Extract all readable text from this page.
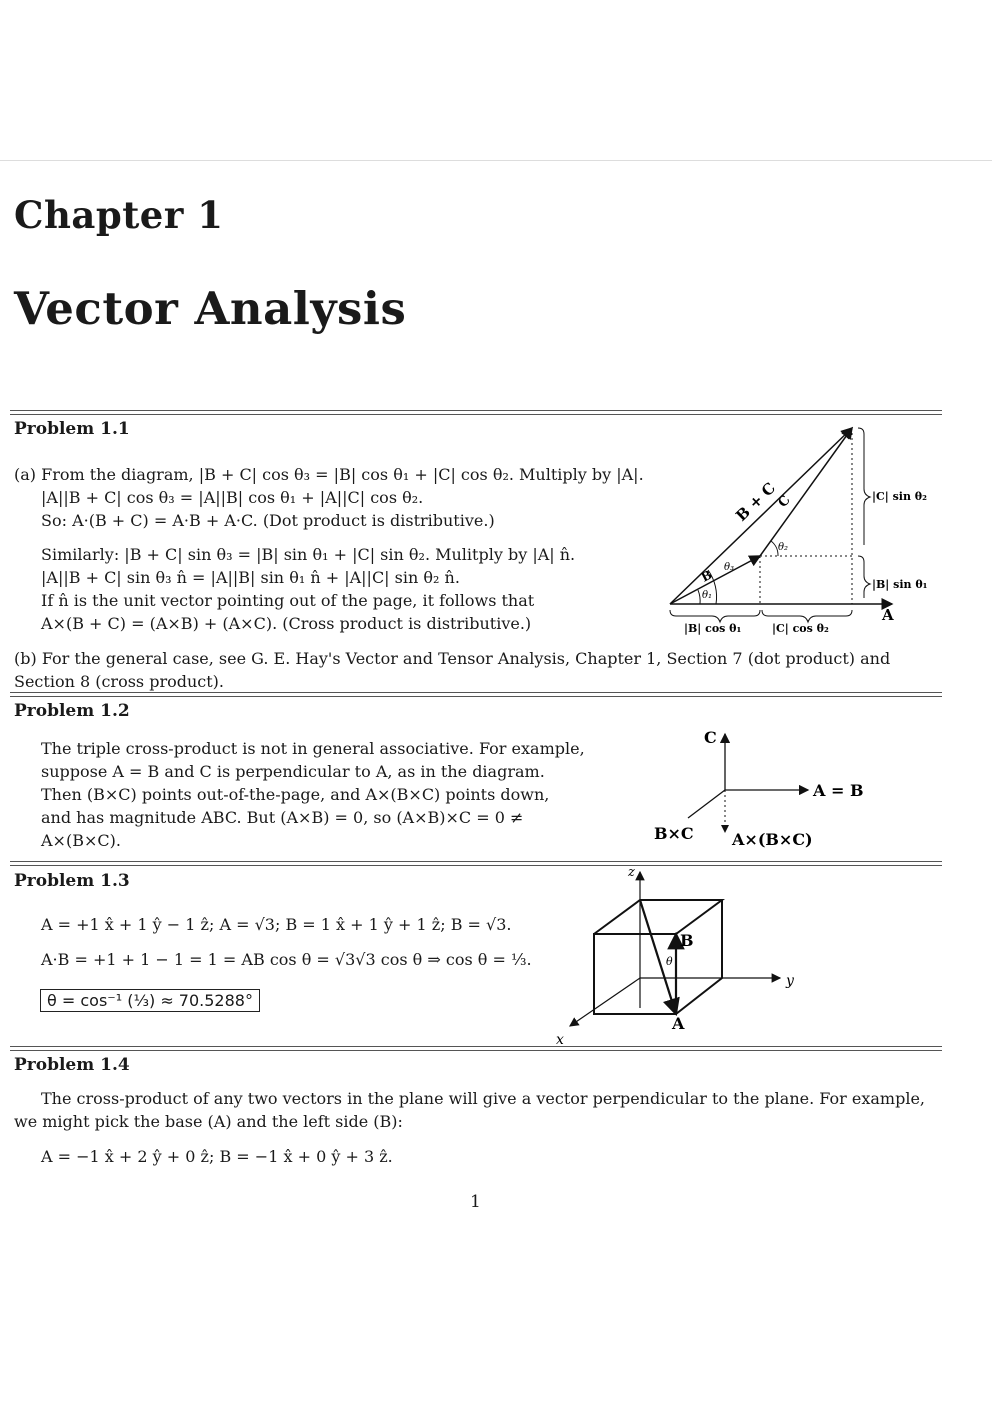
Chapter 1
Vector Analysis
Problem 1.1
(a) From the diagram, |B + C| cos θ₃ = |B| cos θ₁ + |C| cos θ₂. Multiply by |A|.
|A||B + C| cos θ₃ = |A||B| cos θ₁ + |A||C| cos θ₂.
So: A·(B + C) = A·B + A·C. (Dot product is distributive.)
Similarly: |B + C| sin θ₃ = |B| sin θ₁ + |C| sin θ₂. Mulitply by |A| n̂.
|A||B + C| sin θ₃ n̂ = |A||B| sin θ₁ n̂ + |A||C| sin θ₂ n̂.
If n̂ is the unit vector pointing out of the page, it follows that
A×(B + C) = (A×B) + (A×C). (Cross product is distributive.)
(b) For the general case, see G. E. Hay's Vector and Tensor Analysis, Chapter 1, Section 7 (dot product) and Section 8 (cross product).
B + C
C
B
A
θ₁
θ₃
θ₂
|C| sin θ₂
|B| sin θ₁
|B| cos θ₁	|C| cos θ₂
Problem 1.2
The triple cross-product is not in general associative. For example,
suppose A = B and C is perpendicular to A, as in the diagram.
Then (B×C) points out-of-the-page, and A×(B×C) points down,
and has magnitude ABC. But (A×B) = 0, so (A×B)×C = 0 ≠
A×(B×C).
C
A = B
B×C A×(B×C)
Problem 1.3
A = +1 x̂ + 1 ŷ − 1 ẑ; A = √3; B = 1 x̂ + 1 ŷ + 1 ẑ; B = √3.
A·B = +1 + 1 − 1 = 1 = AB cos θ = √3√3 cos θ ⇒ cos θ = ⅓.
θ = cos⁻¹ (⅓) ≈ 70.5288°
z
y
x
B
A
θ
Problem 1.4
The cross-product of any two vectors in the plane will give a vector perpendicular to the plane. For example, we might pick the base (A) and the left side (B):
A = −1 x̂ + 2 ŷ + 0 ẑ; B = −1 x̂ + 0 ŷ + 3 ẑ.
1
